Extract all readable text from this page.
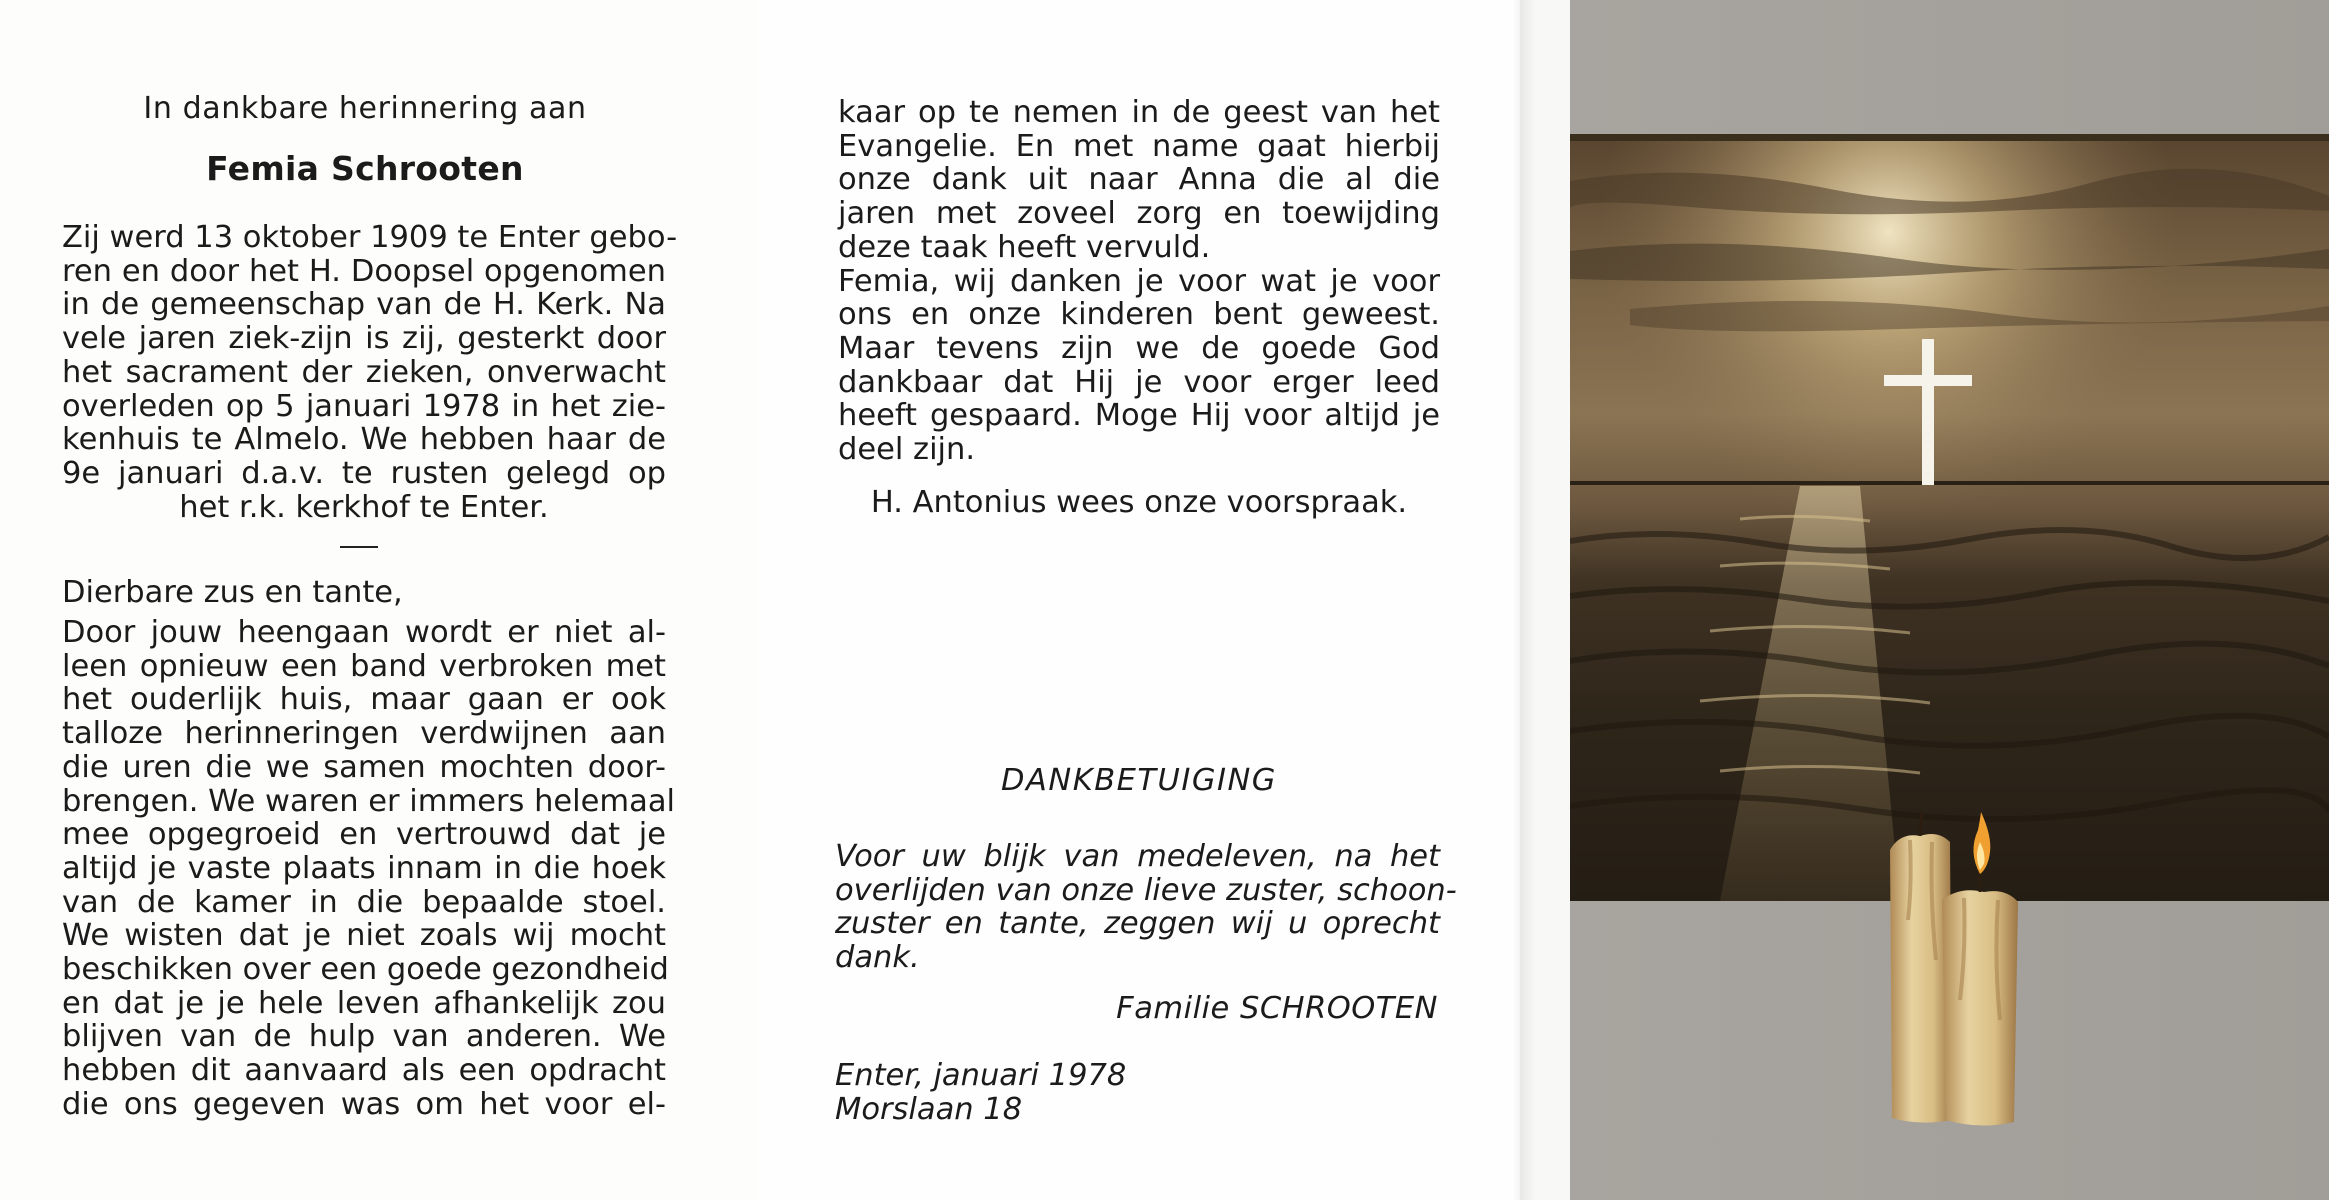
In dankbare herinnering aan
Femia Schrooten
Zij werd 13 oktober 1909 te Enter gebo-
ren en door het H. Doopsel opgenomen
in de gemeenschap van de H. Kerk. Na
vele jaren ziek-zijn is zij, gesterkt door
het sacrament der zieken, onverwacht
overleden op 5 januari 1978 in het zie-
kenhuis te Almelo. We hebben haar de
9e januari d.a.v. te rusten gelegd op
het r.k. kerkhof te Enter.
Dierbare zus en tante,
Door jouw heengaan wordt er niet al-
leen opnieuw een band verbroken met
het ouderlijk huis, maar gaan er ook
talloze herinneringen verdwijnen aan
die uren die we samen mochten door-
brengen. We waren er immers helemaal
mee opgegroeid en vertrouwd dat je
altijd je vaste plaats innam in die hoek
van de kamer in die bepaalde stoel.
We wisten dat je niet zoals wij mocht
beschikken over een goede gezondheid
en dat je je hele leven afhankelijk zou
blijven van de hulp van anderen. We
hebben dit aanvaard als een opdracht
die ons gegeven was om het voor el-
kaar op te nemen in de geest van het
Evangelie. En met name gaat hierbij
onze dank uit naar Anna die al die
jaren met zoveel zorg en toewijding
deze taak heeft vervuld.
Femia, wij danken je voor wat je voor
ons en onze kinderen bent geweest.
Maar tevens zijn we de goede God
dankbaar dat Hij je voor erger leed
heeft gespaard. Moge Hij voor altijd je
deel zijn.
H. Antonius wees onze voorspraak.
DANKBETUIGING
Voor uw blijk van medeleven, na het
overlijden van onze lieve zuster, schoon-
zuster en tante, zeggen wij u oprecht
dank.
Familie SCHROOTEN
Enter, januari 1978
Morslaan 18
